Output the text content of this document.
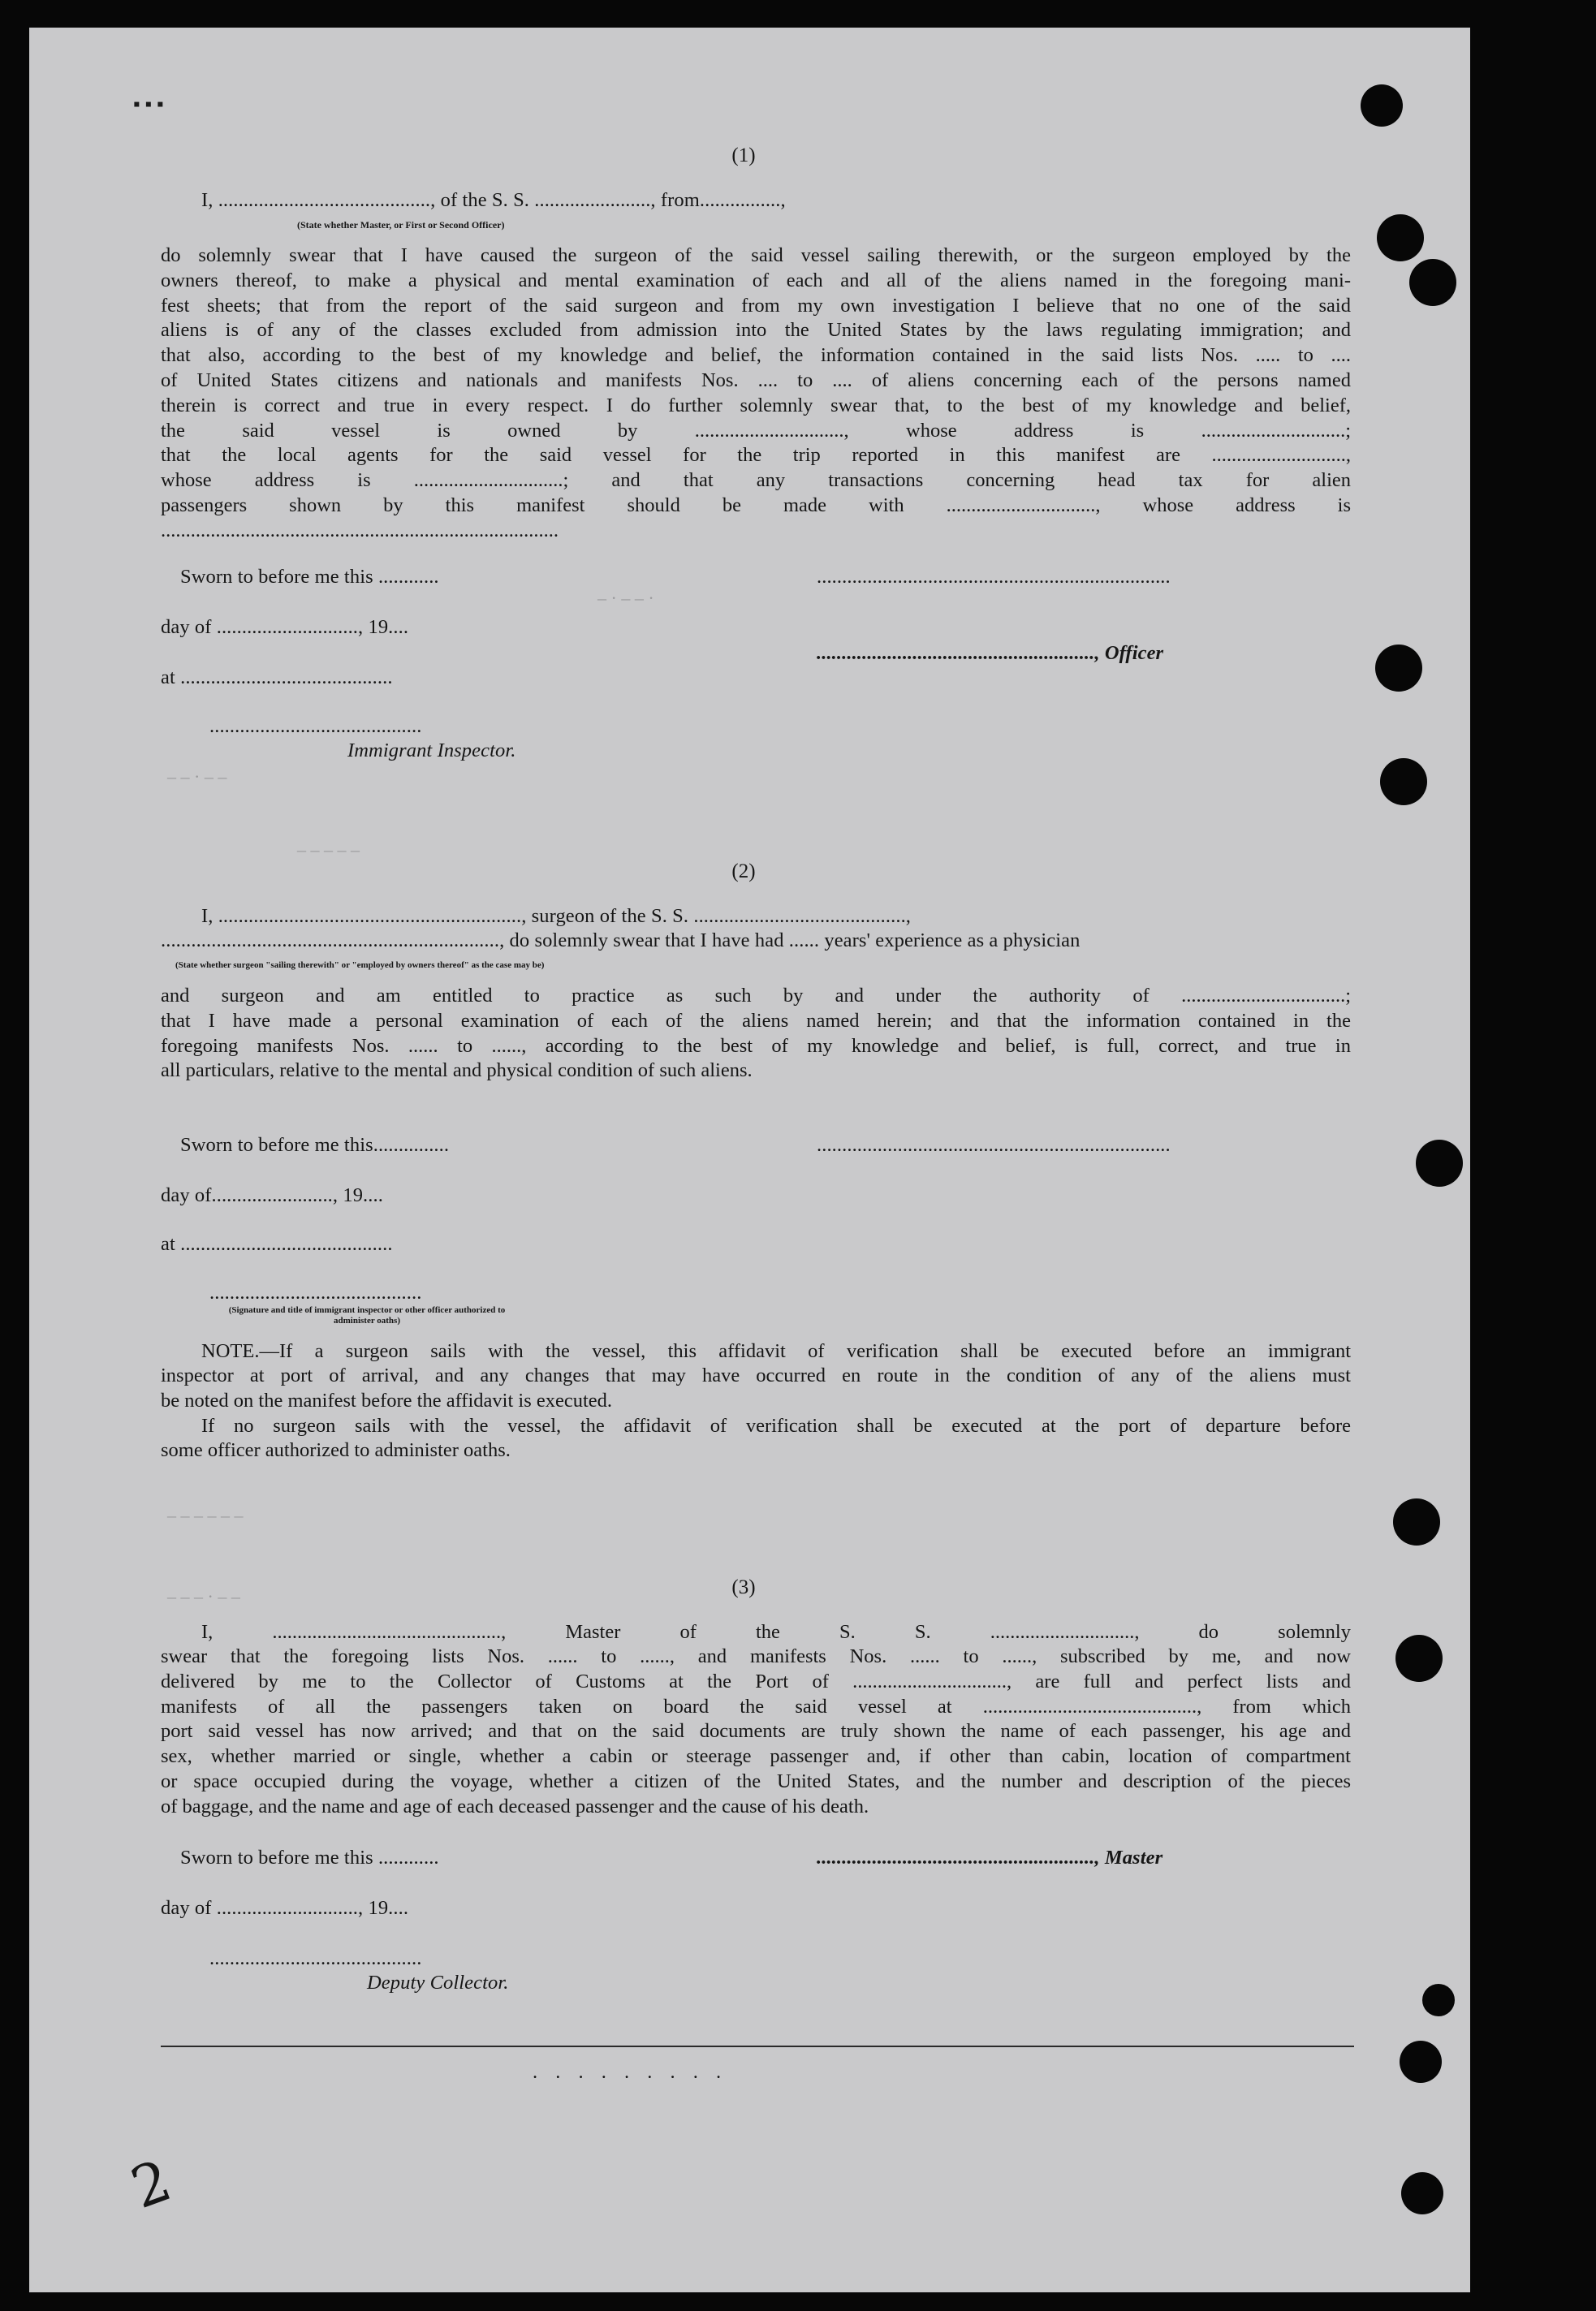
– · – – ·
– – · – –
– – – – –
– – – – – –
– – – · – –
(1)
I, .........................................., of the S. S. ......................., from................,
(State whether Master, or First or Second Officer)
do solemnly swear that I have caused the surgeon of the said vessel sailing therewith, or the surgeon employed by the
owners thereof, to make a physical and mental examination of each and all of the aliens named in the foregoing mani-
fest sheets; that from the report of the said surgeon and from my own investigation I believe that no one of the said
aliens is of any of the classes excluded from admission into the United States by the laws regulating immigration; and
that also, according to the best of my knowledge and belief, the information contained in the said lists Nos. ..... to ....
of United States citizens and nationals and manifests Nos. .... to .... of aliens concerning each of the persons named
therein is correct and true in every respect. I do further solemnly swear that, to the best of my knowledge and belief,
the said vessel is owned by .............................., whose address is .............................;
that the local agents for the said vessel for the trip reported in this manifest are ...........................,
whose address is ..............................; and that any transactions concerning head tax for alien
passengers shown by this manifest should be made with .............................., whose address is
................................................................................
Sworn to before me this ............	......................................................................
day of ............................, 19....
......................................................., Officer
at ..........................................
..........................................
Immigrant Inspector.
(2)
I, ............................................................, surgeon of the S. S. ..........................................,
..................................................................., do solemnly swear that I have had ...... years' experience as a physician
(State whether surgeon "sailing therewith" or "employed by owners thereof" as the case may be)
and surgeon and am entitled to practice as such by and under the authority of .................................;
that I have made a personal examination of each of the aliens named herein; and that the information contained in the
foregoing manifests Nos. ...... to ......, according to the best of my knowledge and belief, is full, correct, and true in
all particulars, relative to the mental and physical condition of such aliens.
Sworn to before me this...............	......................................................................
day of........................, 19....
at ..........................................
..........................................
(Signature and title of immigrant inspector or other officer authorized to administer oaths)
NOTE.—If a surgeon sails with the vessel, this affidavit of verification shall be executed before an immigrant
inspector at port of arrival, and any changes that may have occurred en route in the condition of any of the aliens must
be noted on the manifest before the affidavit is executed.
If no surgeon sails with the vessel, the affidavit of verification shall be executed at the port of departure before
some officer authorized to administer oaths.
(3)
I, .............................................., Master of the S. S. ............................., do solemnly
swear that the foregoing lists Nos. ...... to ......, and manifests Nos. ...... to ......, subscribed by me, and now
delivered by me to the Collector of Customs at the Port of ..............................., are full and perfect lists and
manifests of all the passengers taken on board the said vessel at ..........................................., from which
port said vessel has now arrived; and that on the said documents are truly shown the name of each passenger, his age and
sex, whether married or single, whether a cabin or steerage passenger and, if other than cabin, location of compartment
or space occupied during the voyage, whether a citizen of the United States, and the number and description of the pieces
of baggage, and the name and age of each deceased passenger and the cause of his death.
Sworn to before me this ............	......................................................., Master
day of ............................, 19....
..........................................
Deputy Collector.
. . . . . . . . .
2
▪ ▪ ▪
